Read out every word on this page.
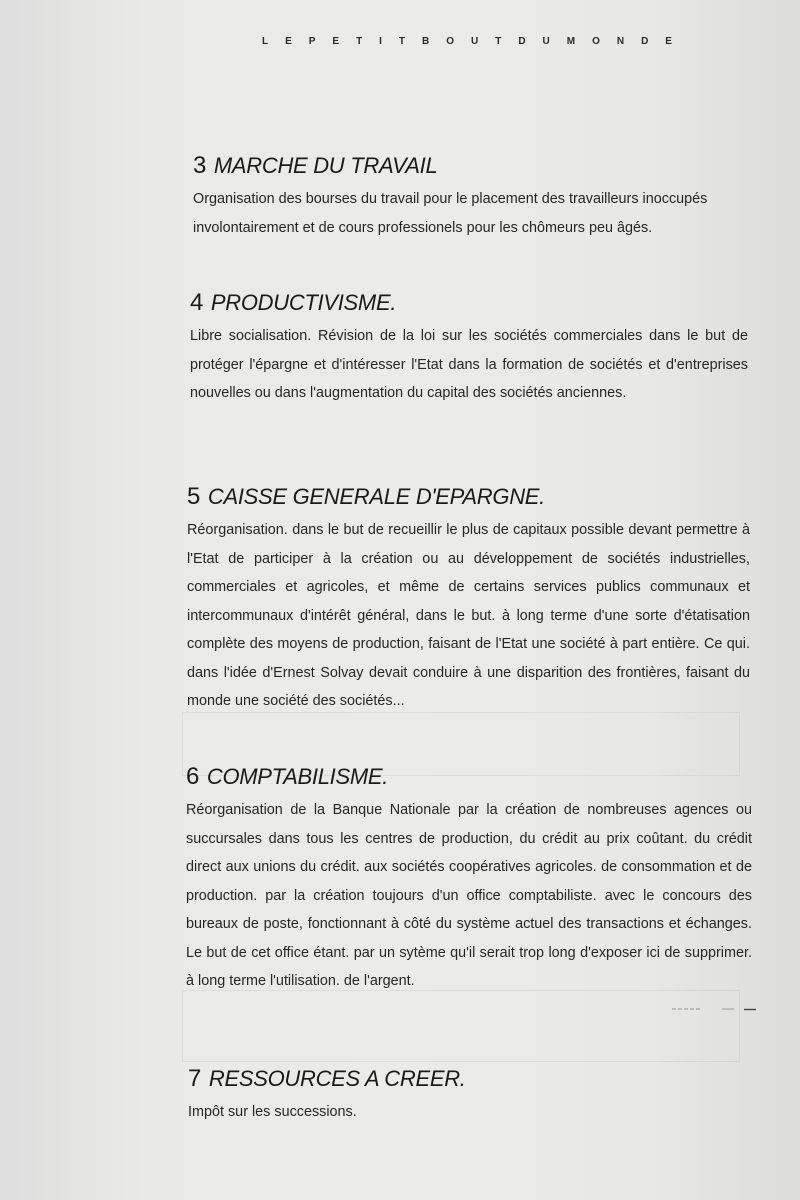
L E P E T I T B O U T D U M O N D E
3 MARCHE DU TRAVAIL

Organisation des bourses du travail pour le placement des travailleurs inoccupés involontairement et de cours professionels pour les chômeurs peu âgés.

4 PRODUCTIVISME.

Libre socialisation. Révision de la loi sur les sociétés commerciales dans le but de protéger l'épargne et d'intéresser l'Etat dans la formation de sociétés et d'entreprises nouvelles ou dans l'augmentation du capital des sociétés anciennes.

5 CAISSE GENERALE D'EPARGNE.

Réorganisation. dans le but de recueillir le plus de capitaux possible devant permettre à l'Etat de participer à la création ou au développement de sociétés industrielles, commerciales et agricoles, et même de certains services publics communaux et intercommunaux d'intérêt général, dans le but. à long terme d'une sorte d'étatisation complète des moyens de production, faisant de l'Etat une société à part entière. Ce qui. dans l'idée d'Ernest Solvay devait conduire à une disparition des frontières, faisant du monde une société des sociétés...

6 COMPTABILISME.

Réorganisation de la Banque Nationale par la création de nombreuses agences ou succursales dans tous les centres de production, du crédit au prix coûtant. du crédit direct aux unions du crédit. aux sociétés coopératives agricoles. de consommation et de production. par la création toujours d'un office comptabiliste. avec le concours des bureaux de poste, fonctionnant à côté du système actuel des transactions et échanges. Le but de cet office étant. par un sytème qu'il serait trop long d'exposer ici de supprimer. à long terme l'utilisation. de l'argent.

7 RESSOURCES A CREER.

Impôt sur les successions.
